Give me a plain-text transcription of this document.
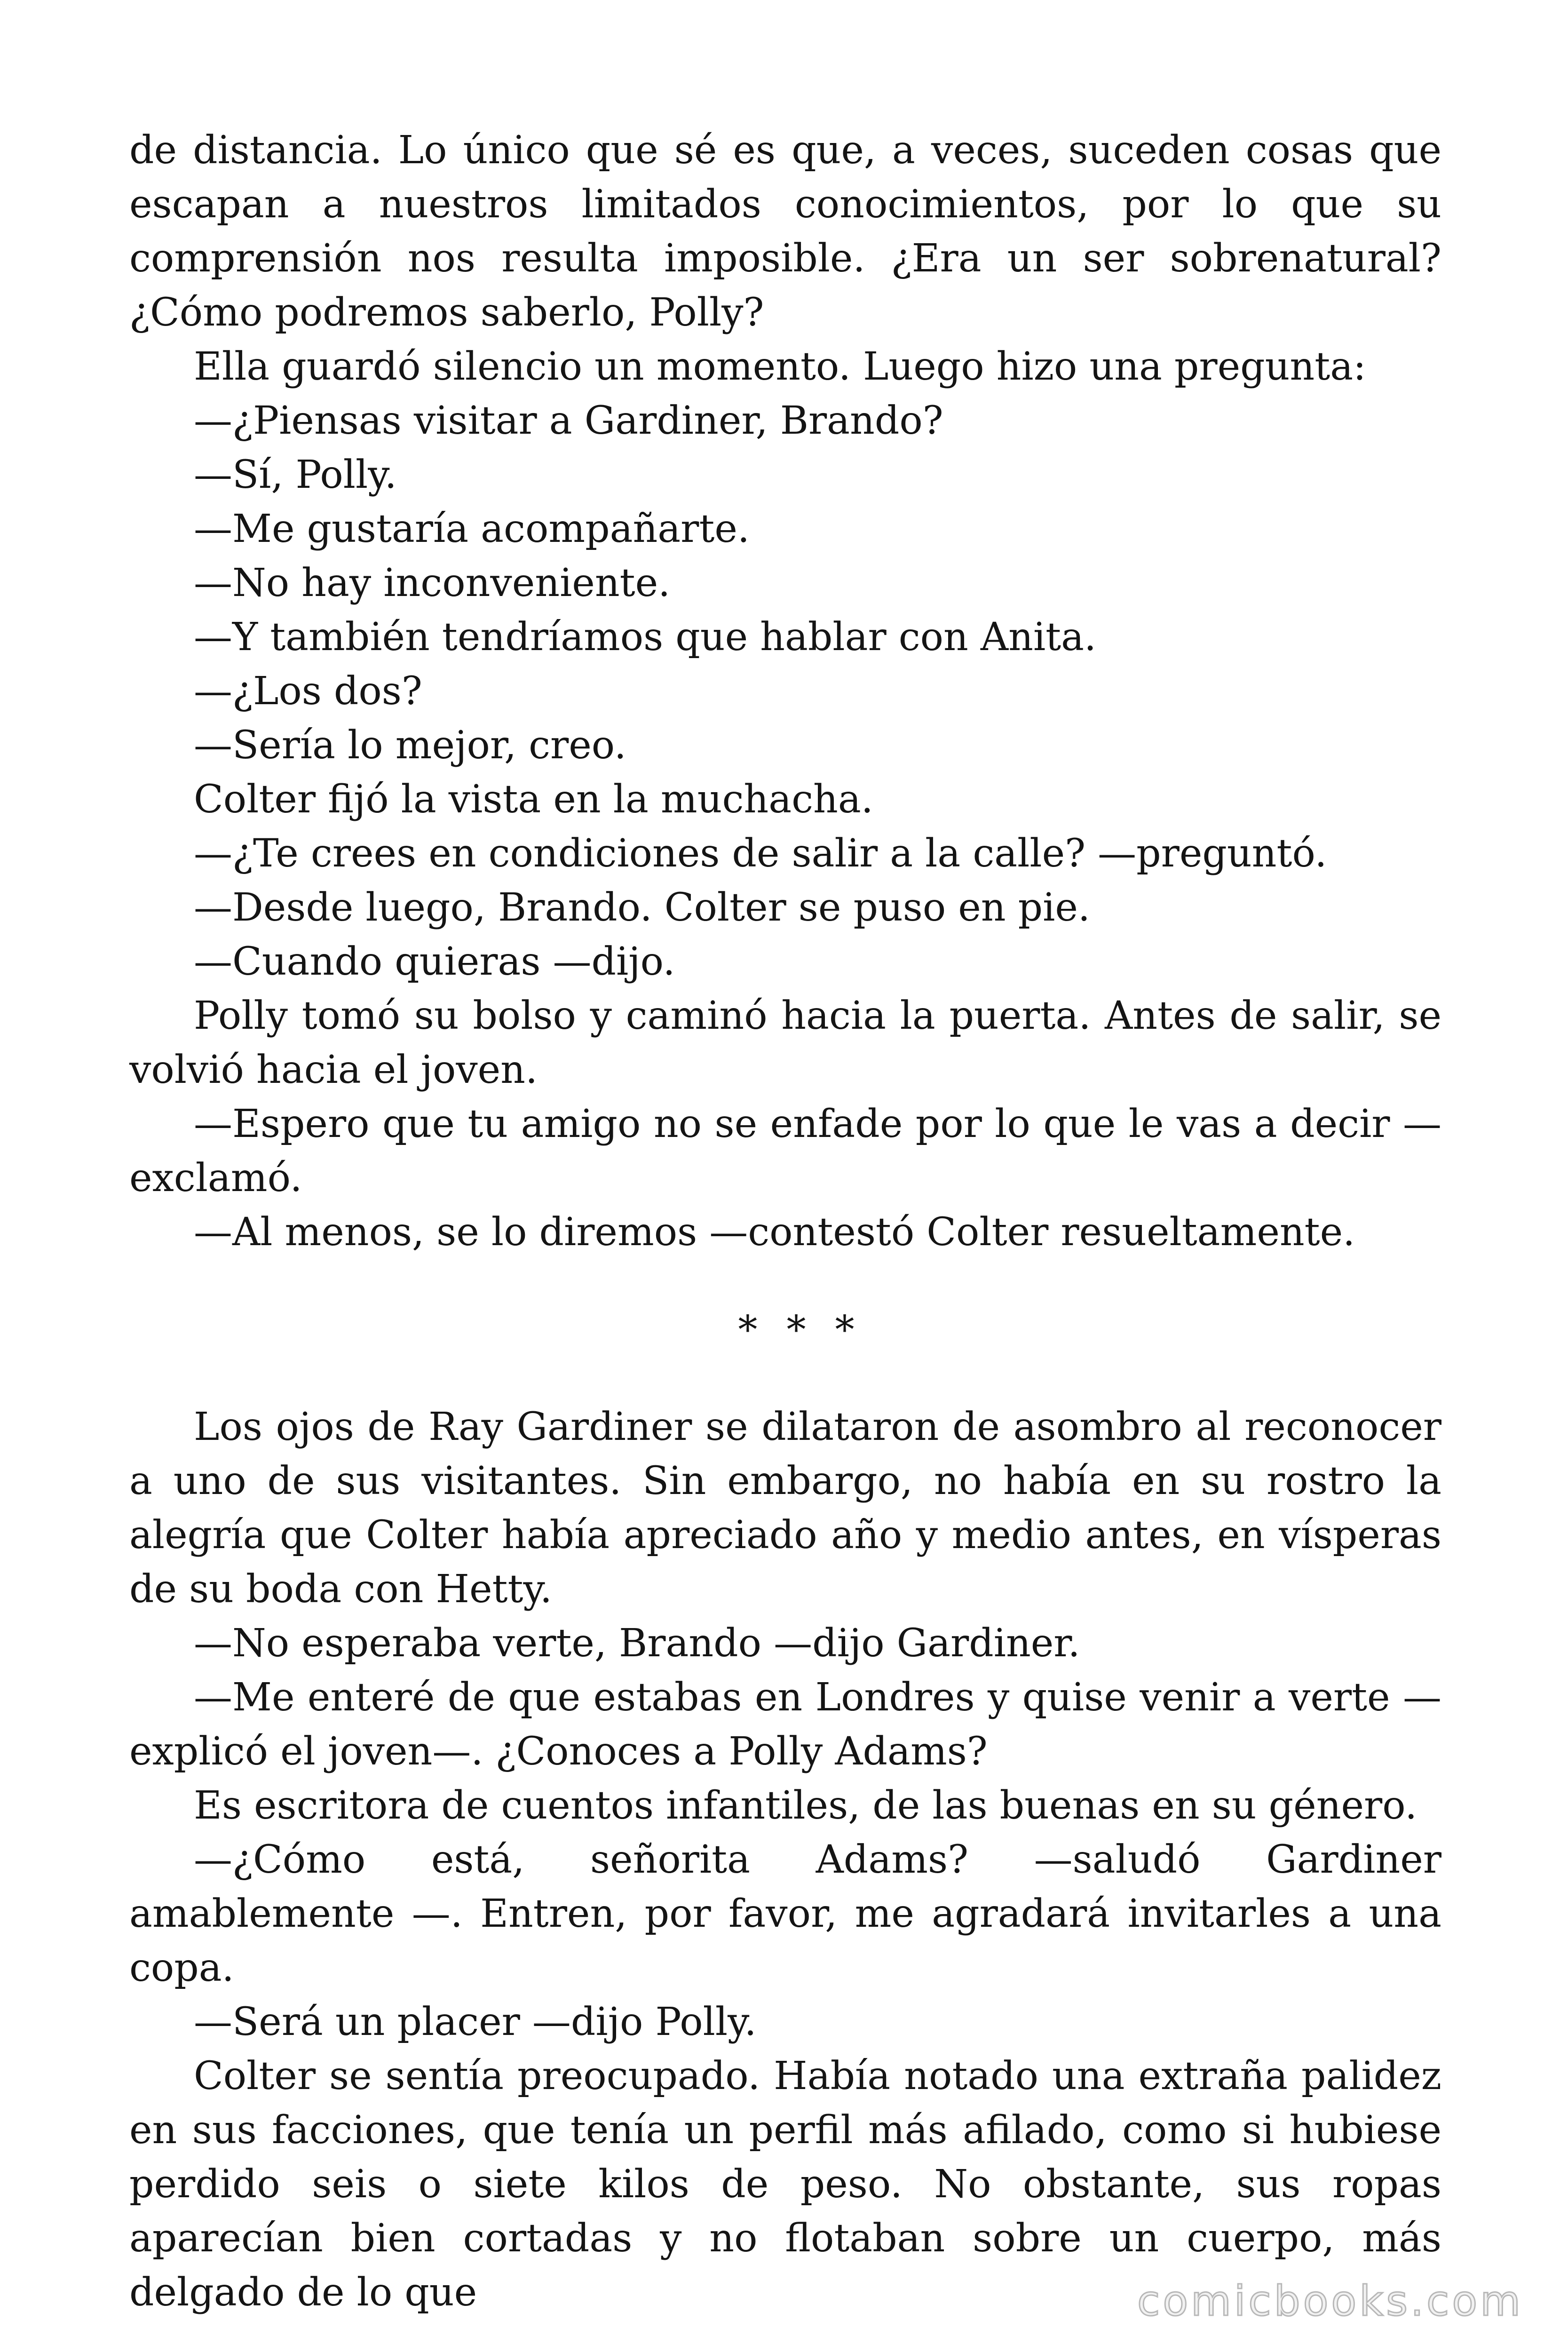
de distancia. Lo único que sé es que, a veces, suceden cosas que escapan a nuestros limitados conocimientos, por lo que su comprensión nos resulta imposible. ¿Era un ser sobrenatural? ¿Cómo podremos saberlo, Polly?

Ella guardó silencio un momento. Luego hizo una pregunta:

—¿Piensas visitar a Gardiner, Brando?

—Sí, Polly.

—Me gustaría acompañarte.

—No hay inconveniente.

—Y también tendríamos que hablar con Anita.

—¿Los dos?

—Sería lo mejor, creo.

Colter fijó la vista en la muchacha.

—¿Te crees en condiciones de salir a la calle? —preguntó.

—Desde luego, Brando. Colter se puso en pie.

—Cuando quieras —dijo.

Polly tomó su bolso y caminó hacia la puerta. Antes de salir, se volvió hacia el joven.

—Espero que tu amigo no se enfade por lo que le vas a decir —exclamó.

—Al menos, se lo diremos —contestó Colter resueltamente.

* * *

Los ojos de Ray Gardiner se dilataron de asombro al reconocer a uno de sus visitantes. Sin embargo, no había en su rostro la alegría que Colter había apreciado año y medio antes, en vísperas de su boda con Hetty.

—No esperaba verte, Brando —dijo Gardiner.

—Me enteré de que estabas en Londres y quise venir a verte —explicó el joven—. ¿Conoces a Polly Adams?

Es escritora de cuentos infantiles, de las buenas en su género.

—¿Cómo está, señorita Adams? —saludó Gardiner amablemente —. Entren, por favor, me agradará invitarles a una copa.

—Será un placer —dijo Polly.

Colter se sentía preocupado. Había notado una extraña palidez en sus facciones, que tenía un perfil más afilado, como si hubiese perdido seis o siete kilos de peso. No obstante, sus ropas aparecían bien cortadas y no flotaban sobre un cuerpo, más delgado de lo que	comicbooks.com
